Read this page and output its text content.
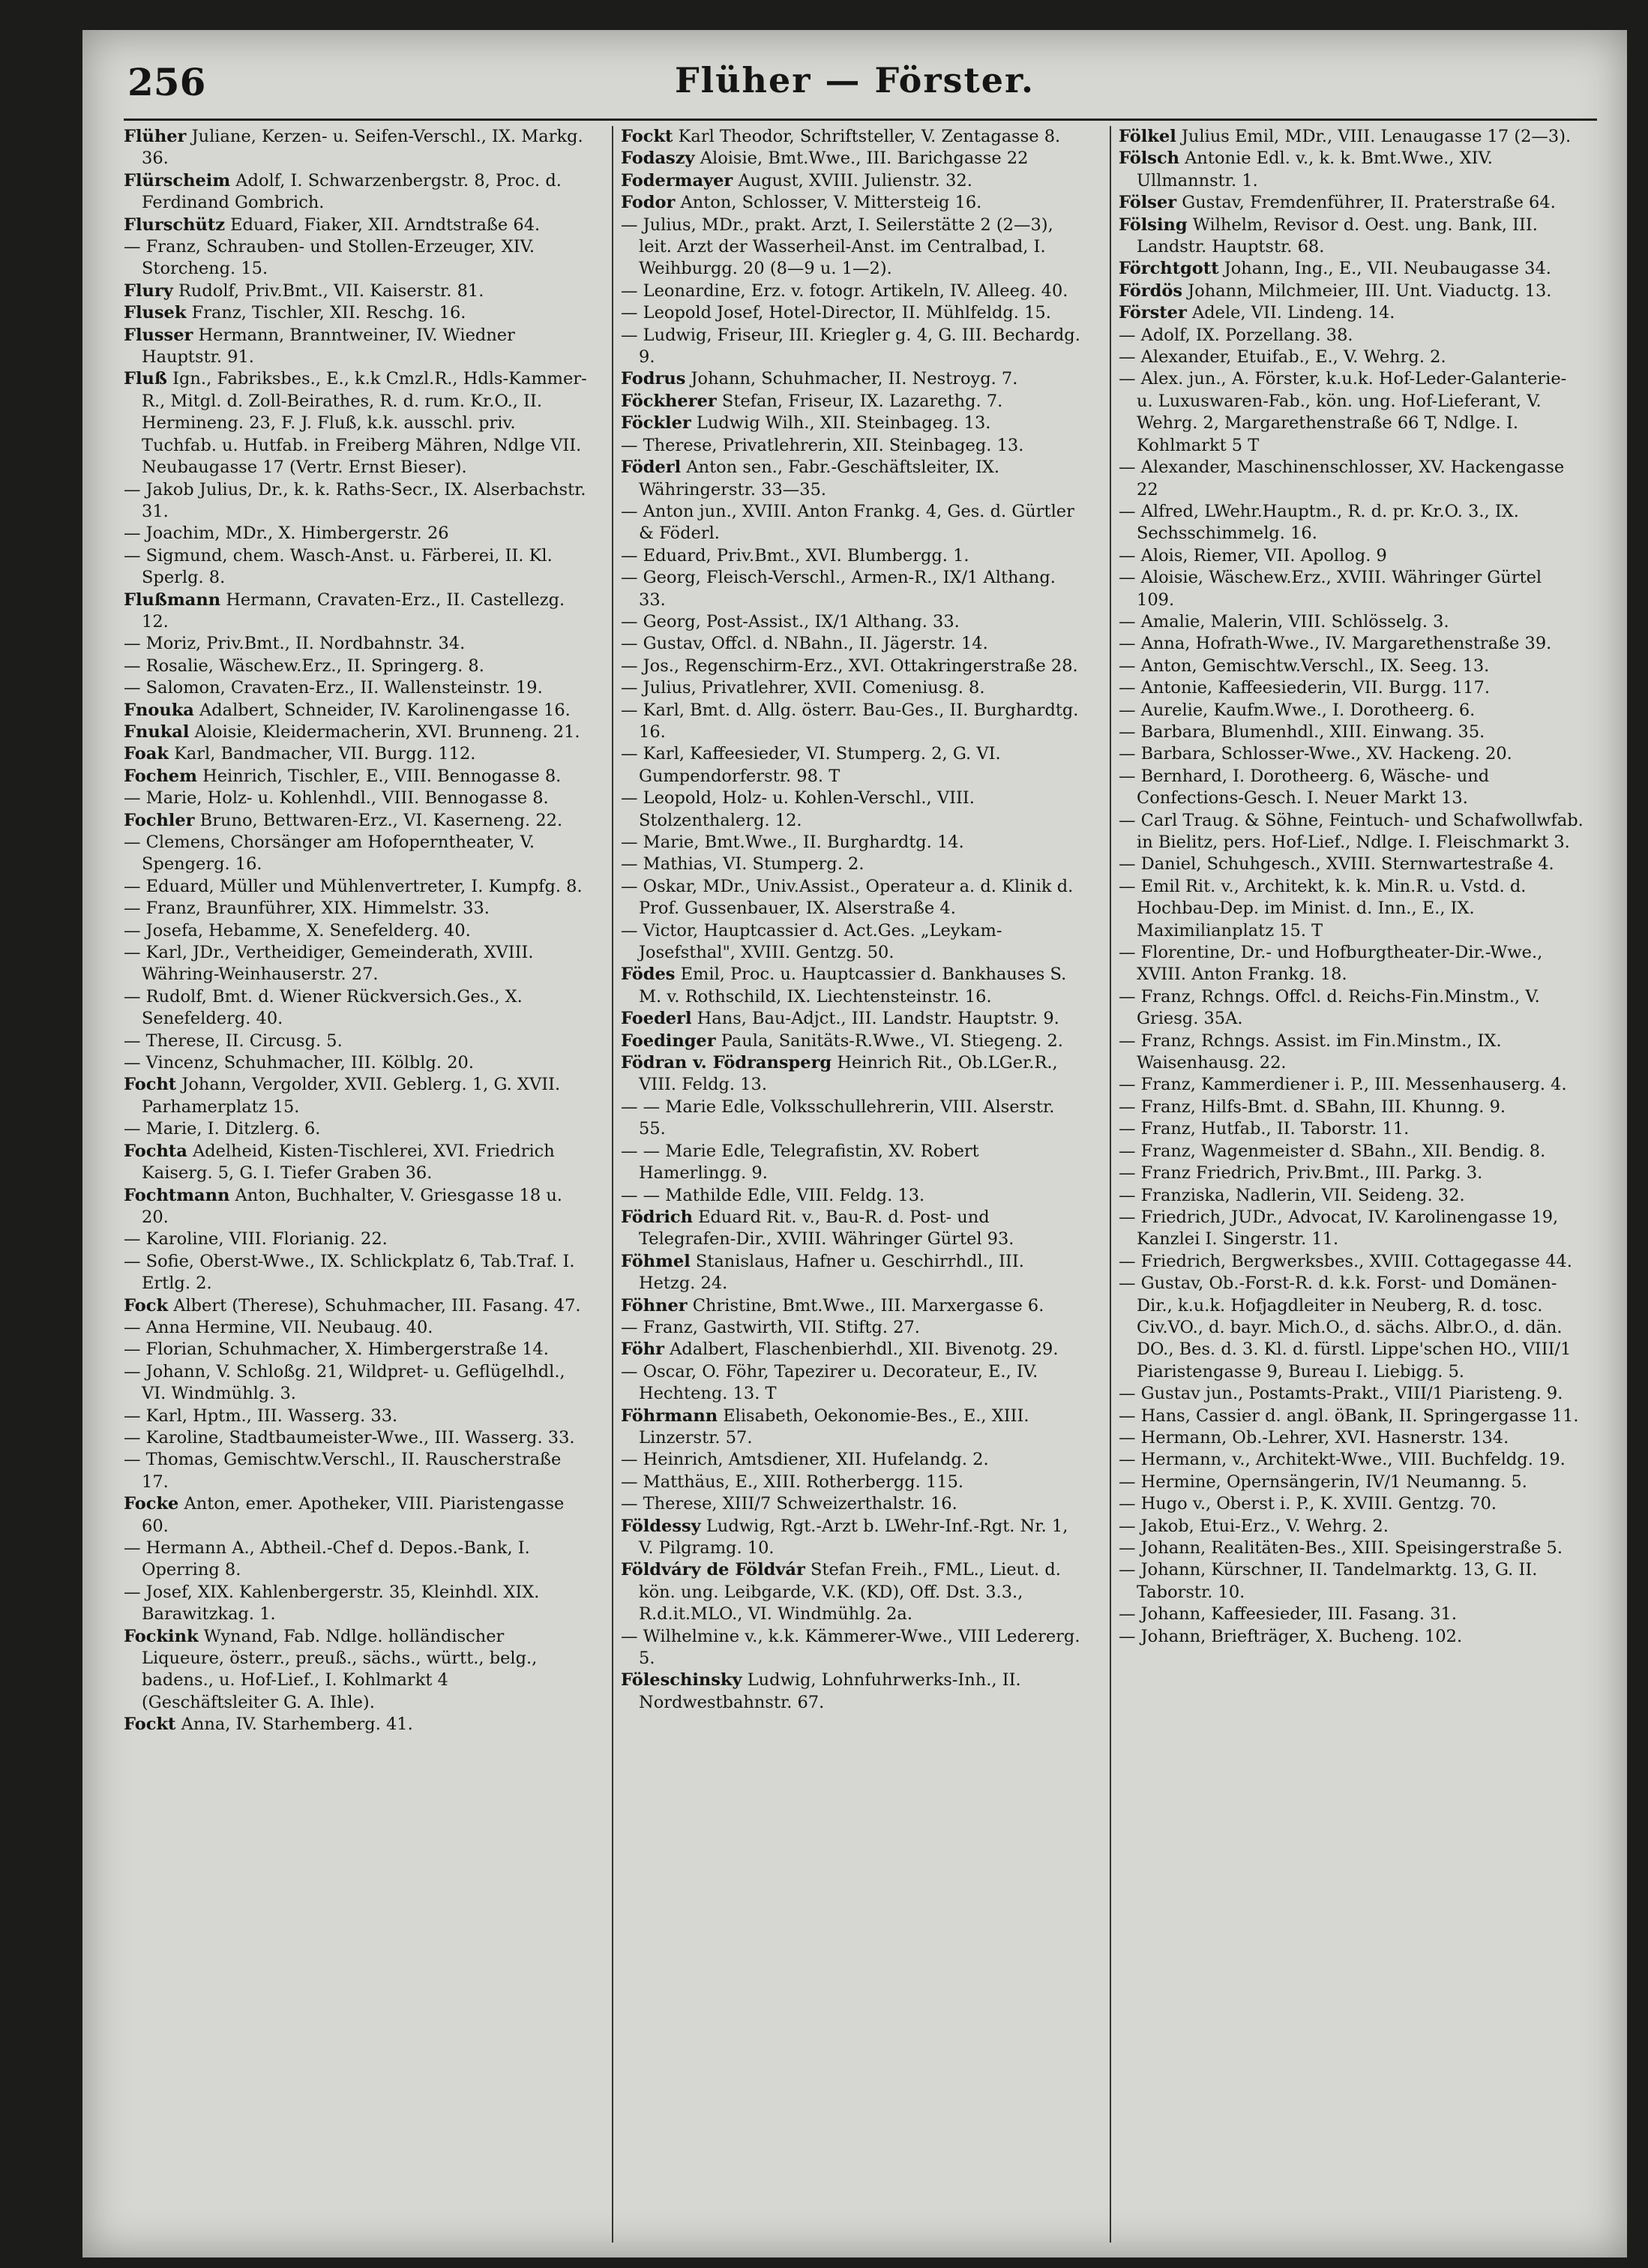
256	Flüher — Förster.
Flüher Juliane, Kerzen- u. Seifen-Verschl., IX. Markg. 36.
Flürscheim Adolf, I. Schwarzenbergstr. 8, Proc. d. Ferdinand Gombrich.
Flurschütz Eduard, Fiaker, XII. Arndtstraße 64.
— Franz, Schrauben- und Stollen-Erzeuger, XIV. Storcheng. 15.
Flury Rudolf, Priv.Bmt., VII. Kaiserstr. 81.
Flusek Franz, Tischler, XII. Reschg. 16.
Flusser Hermann, Branntweiner, IV. Wiedner Hauptstr. 91.
Fluß Ign., Fabriksbes., E., k.k Cmzl.R., Hdls-Kammer-R., Mitgl. d. Zoll-Beirathes, R. d. rum. Kr.O., II. Hermineng. 23, F. J. Fluß, k.k. ausschl. priv. Tuchfab. u. Hutfab. in Freiberg Mähren, Ndlge VII. Neubaugasse 17 (Vertr. Ernst Bieser).
— Jakob Julius, Dr., k. k. Raths-Secr., IX. Alserbachstr. 31.
— Joachim, MDr., X. Himbergerstr. 26
— Sigmund, chem. Wasch-Anst. u. Färberei, II. Kl. Sperlg. 8.
Flußmann Hermann, Cravaten-Erz., II. Castellezg. 12.
— Moriz, Priv.Bmt., II. Nordbahnstr. 34.
— Rosalie, Wäschew.Erz., II. Springerg. 8.
— Salomon, Cravaten-Erz., II. Wallensteinstr. 19.
Fnouka Adalbert, Schneider, IV. Karolinengasse 16.
Fnukal Aloisie, Kleidermacherin, XVI. Brunneng. 21.
Foak Karl, Bandmacher, VII. Burgg. 112.
Fochem Heinrich, Tischler, E., VIII. Bennogasse 8.
— Marie, Holz- u. Kohlenhdl., VIII. Bennogasse 8.
Fochler Bruno, Bettwaren-Erz., VI. Kaserneng. 22.
— Clemens, Chorsänger am Hofoperntheater, V. Spengerg. 16.
— Eduard, Müller und Mühlenvertreter, I. Kumpfg. 8.
— Franz, Braunführer, XIX. Himmelstr. 33.
— Josefa, Hebamme, X. Senefelderg. 40.
— Karl, JDr., Vertheidiger, Gemeinderath, XVIII. Währing-Weinhauserstr. 27.
— Rudolf, Bmt. d. Wiener Rückversich.Ges., X. Senefelderg. 40.
— Therese, II. Circusg. 5.
— Vincenz, Schuhmacher, III. Kölblg. 20.
Focht Johann, Vergolder, XVII. Geblerg. 1, G. XVII. Parhamerplatz 15.
— Marie, I. Ditzlerg. 6.
Fochta Adelheid, Kisten-Tischlerei, XVI. Friedrich Kaiserg. 5, G. I. Tiefer Graben 36.
Fochtmann Anton, Buchhalter, V. Griesgasse 18 u. 20.
— Karoline, VIII. Florianig. 22.
— Sofie, Oberst-Wwe., IX. Schlickplatz 6, Tab.Traf. I. Ertlg. 2.
Fock Albert (Therese), Schuhmacher, III. Fasang. 47.
— Anna Hermine, VII. Neubaug. 40.
— Florian, Schuhmacher, X. Himbergerstraße 14.
— Johann, V. Schloßg. 21, Wildpret- u. Geflügelhdl., VI. Windmühlg. 3.
— Karl, Hptm., III. Wasserg. 33.
— Karoline, Stadtbaumeister-Wwe., III. Wasserg. 33.
— Thomas, Gemischtw.Verschl., II. Rauscherstraße 17.
Focke Anton, emer. Apotheker, VIII. Piaristengasse 60.
— Hermann A., Abtheil.-Chef d. Depos.-Bank, I. Operring 8.
— Josef, XIX. Kahlenbergerstr. 35, Kleinhdl. XIX. Barawitzkag. 1.
Fockink Wynand, Fab. Ndlge. holländischer Liqueure, österr., preuß., sächs., württ., belg., badens., u. Hof-Lief., I. Kohlmarkt 4 (Geschäftsleiter G. A. Ihle).
Fockt Anna, IV. Starhemberg. 41.
Fockt Karl Theodor, Schriftsteller, V. Zentagasse 8.
Fodaszy Aloisie, Bmt.Wwe., III. Barichgasse 22
Fodermayer August, XVIII. Julienstr. 32.
Fodor Anton, Schlosser, V. Mittersteig 16.
— Julius, MDr., prakt. Arzt, I. Seilerstätte 2 (2—3), leit. Arzt der Wasserheil-Anst. im Centralbad, I. Weihburgg. 20 (8—9 u. 1—2).
— Leonardine, Erz. v. fotogr. Artikeln, IV. Alleeg. 40.
— Leopold Josef, Hotel-Director, II. Mühlfeldg. 15.
— Ludwig, Friseur, III. Kriegler g. 4, G. III. Bechardg. 9.
Fodrus Johann, Schuhmacher, II. Nestroyg. 7.
Föckherer Stefan, Friseur, IX. Lazarethg. 7.
Föckler Ludwig Wilh., XII. Steinbageg. 13.
— Therese, Privatlehrerin, XII. Steinbageg. 13.
Föderl Anton sen., Fabr.-Geschäftsleiter, IX. Währingerstr. 33—35.
— Anton jun., XVIII. Anton Frankg. 4, Ges. d. Gürtler & Föderl.
— Eduard, Priv.Bmt., XVI. Blumbergg. 1.
— Georg, Fleisch-Verschl., Armen-R., IX/1 Althang. 33.
— Georg, Post-Assist., IX/1 Althang. 33.
— Gustav, Offcl. d. NBahn., II. Jägerstr. 14.
— Jos., Regenschirm-Erz., XVI. Ottakringerstraße 28.
— Julius, Privatlehrer, XVII. Comeniusg. 8.
— Karl, Bmt. d. Allg. österr. Bau-Ges., II. Burghardtg. 16.
— Karl, Kaffeesieder, VI. Stumperg. 2, G. VI. Gumpendorferstr. 98. T
— Leopold, Holz- u. Kohlen-Verschl., VIII. Stolzenthalerg. 12.
— Marie, Bmt.Wwe., II. Burghardtg. 14.
— Mathias, VI. Stumperg. 2.
— Oskar, MDr., Univ.Assist., Operateur a. d. Klinik d. Prof. Gussenbauer, IX. Alserstraße 4.
— Victor, Hauptcassier d. Act.Ges. „Leykam-Josefsthal", XVIII. Gentzg. 50.
Födes Emil, Proc. u. Hauptcassier d. Bankhauses S. M. v. Rothschild, IX. Liechtensteinstr. 16.
Foederl Hans, Bau-Adjct., III. Landstr. Hauptstr. 9.
Foedinger Paula, Sanitäts-R.Wwe., VI. Stiegeng. 2.
Födran v. Födransperg Heinrich Rit., Ob.LGer.R., VIII. Feldg. 13.
— — Marie Edle, Volksschullehrerin, VIII. Alserstr. 55.
— — Marie Edle, Telegrafistin, XV. Robert Hamerlingg. 9.
— — Mathilde Edle, VIII. Feldg. 13.
Födrich Eduard Rit. v., Bau-R. d. Post- und Telegrafen-Dir., XVIII. Währinger Gürtel 93.
Föhmel Stanislaus, Hafner u. Geschirrhdl., III. Hetzg. 24.
Föhner Christine, Bmt.Wwe., III. Marxergasse 6.
— Franz, Gastwirth, VII. Stiftg. 27.
Föhr Adalbert, Flaschenbierhdl., XII. Bivenotg. 29.
— Oscar, O. Föhr, Tapezirer u. Decorateur, E., IV. Hechteng. 13. T
Föhrmann Elisabeth, Oekonomie-Bes., E., XIII. Linzerstr. 57.
— Heinrich, Amtsdiener, XII. Hufelandg. 2.
— Matthäus, E., XIII. Rotherbergg. 115.
— Therese, XIII/7 Schweizerthalstr. 16.
Földessy Ludwig, Rgt.-Arzt b. LWehr-Inf.-Rgt. Nr. 1, V. Pilgramg. 10.
Földváry de Földvár Stefan Freih., FML., Lieut. d. kön. ung. Leibgarde, V.K. (KD), Off. Dst. 3.3., R.d.it.MLO., VI. Windmühlg. 2a.
— Wilhelmine v., k.k. Kämmerer-Wwe., VIII Ledererg. 5.
Föleschinsky Ludwig, Lohnfuhrwerks-Inh., II. Nordwestbahnstr. 67.
Fölkel Julius Emil, MDr., VIII. Lenaugasse 17 (2—3).
Fölsch Antonie Edl. v., k. k. Bmt.Wwe., XIV. Ullmannstr. 1.
Fölser Gustav, Fremdenführer, II. Praterstraße 64.
Fölsing Wilhelm, Revisor d. Oest. ung. Bank, III. Landstr. Hauptstr. 68.
Förchtgott Johann, Ing., E., VII. Neubaugasse 34.
Fördös Johann, Milchmeier, III. Unt. Viaductg. 13.
Förster Adele, VII. Lindeng. 14.
— Adolf, IX. Porzellang. 38.
— Alexander, Etuifab., E., V. Wehrg. 2.
— Alex. jun., A. Förster, k.u.k. Hof-Leder-Galanterie- u. Luxuswaren-Fab., kön. ung. Hof-Lieferant, V. Wehrg. 2, Margarethenstraße 66 T, Ndlge. I. Kohlmarkt 5 T
— Alexander, Maschinenschlosser, XV. Hackengasse 22
— Alfred, LWehr.Hauptm., R. d. pr. Kr.O. 3., IX. Sechsschimmelg. 16.
— Alois, Riemer, VII. Apollog. 9
— Aloisie, Wäschew.Erz., XVIII. Währinger Gürtel 109.
— Amalie, Malerin, VIII. Schlösselg. 3.
— Anna, Hofrath-Wwe., IV. Margarethenstraße 39.
— Anton, Gemischtw.Verschl., IX. Seeg. 13.
— Antonie, Kaffeesiederin, VII. Burgg. 117.
— Aurelie, Kaufm.Wwe., I. Dorotheerg. 6.
— Barbara, Blumenhdl., XIII. Einwang. 35.
— Barbara, Schlosser-Wwe., XV. Hackeng. 20.
— Bernhard, I. Dorotheerg. 6, Wäsche- und Confections-Gesch. I. Neuer Markt 13.
— Carl Traug. & Söhne, Feintuch- und Schafwollwfab. in Bielitz, pers. Hof-Lief., Ndlge. I. Fleischmarkt 3.
— Daniel, Schuhgesch., XVIII. Sternwartestraße 4.
— Emil Rit. v., Architekt, k. k. Min.R. u. Vstd. d. Hochbau-Dep. im Minist. d. Inn., E., IX. Maximilianplatz 15. T
— Florentine, Dr.- und Hofburgtheater-Dir.-Wwe., XVIII. Anton Frankg. 18.
— Franz, Rchngs. Offcl. d. Reichs-Fin.Minstm., V. Griesg. 35A.
— Franz, Rchngs. Assist. im Fin.Minstm., IX. Waisenhausg. 22.
— Franz, Kammerdiener i. P., III. Messenhauserg. 4.
— Franz, Hilfs-Bmt. d. SBahn, III. Khunng. 9.
— Franz, Hutfab., II. Taborstr. 11.
— Franz, Wagenmeister d. SBahn., XII. Bendig. 8.
— Franz Friedrich, Priv.Bmt., III. Parkg. 3.
— Franziska, Nadlerin, VII. Seideng. 32.
— Friedrich, JUDr., Advocat, IV. Karolinengasse 19, Kanzlei I. Singerstr. 11.
— Friedrich, Bergwerksbes., XVIII. Cottagegasse 44.
— Gustav, Ob.-Forst-R. d. k.k. Forst- und Domänen-Dir., k.u.k. Hofjagdleiter in Neuberg, R. d. tosc. Civ.VO., d. bayr. Mich.O., d. sächs. Albr.O., d. dän. DO., Bes. d. 3. Kl. d. fürstl. Lippe'schen HO., VIII/1 Piaristengasse 9, Bureau I. Liebigg. 5.
— Gustav jun., Postamts-Prakt., VIII/1 Piaristeng. 9.
— Hans, Cassier d. angl. öBank, II. Springergasse 11.
— Hermann, Ob.-Lehrer, XVI. Hasnerstr. 134.
— Hermann, v., Architekt-Wwe., VIII. Buchfeldg. 19.
— Hermine, Opernsängerin, IV/1 Neumanng. 5.
— Hugo v., Oberst i. P., K. XVIII. Gentzg. 70.
— Jakob, Etui-Erz., V. Wehrg. 2.
— Johann, Realitäten-Bes., XIII. Speisingerstraße 5.
— Johann, Kürschner, II. Tandelmarktg. 13, G. II. Taborstr. 10.
— Johann, Kaffeesieder, III. Fasang. 31.
— Johann, Briefträger, X. Bucheng. 102.
